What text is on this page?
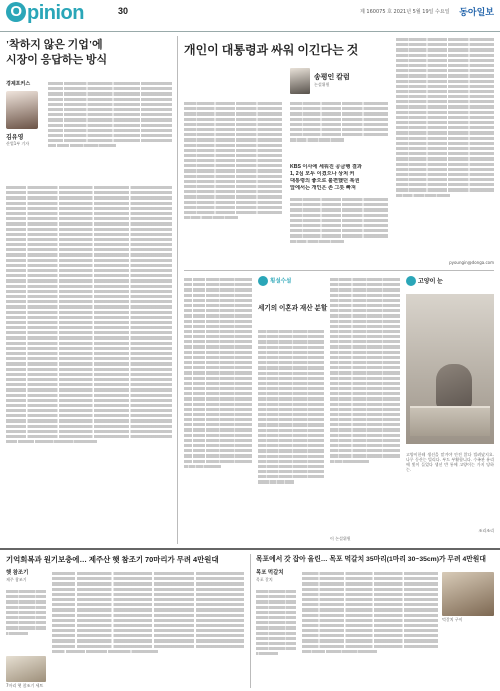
O pinion	30	제 160075 호 2021년 5월 19일 수요일 동아일보
'착하지 않은 기업'에
시장이 응답하는 방식
경제포커스
김유영
산업1부 기자
개인이 대통령과 싸워 이긴다는 것
송평인 칼럼
논설위원
KBS 이사에 세워진 공금행 결과
1, 2심 모두 이겼으나 상처 커
대통령의 좋으로 불편했던 복권
앞에서는 개인은 존 그릇 빠져
pyoungin@donga.com
횡설수설
세기의 이혼과 재산 분할
이 논설위원
고양이 눈
고양이한테 생선을 맡겨야 안전 않다 빌려놨지요. 나무 동산는 빌리다. 부드 부활합니다. 수족관 유리에 빛이 들었다 생선 반 통에 고양이는 가지 당하는.
조리조리
기억회복과 원기보충에… 제주산 햇 참조기 70마리가 무려 4만원대
햇 참조기
제주 참조기
7마리 햇 참조기 세트
목포에서 갓 잡아 올린… 목포 먹갈치 35마리(1마리 30~35cm)가 무려 4만원대
목포 먹갈치
목포 갈치
먹갈치 구이
